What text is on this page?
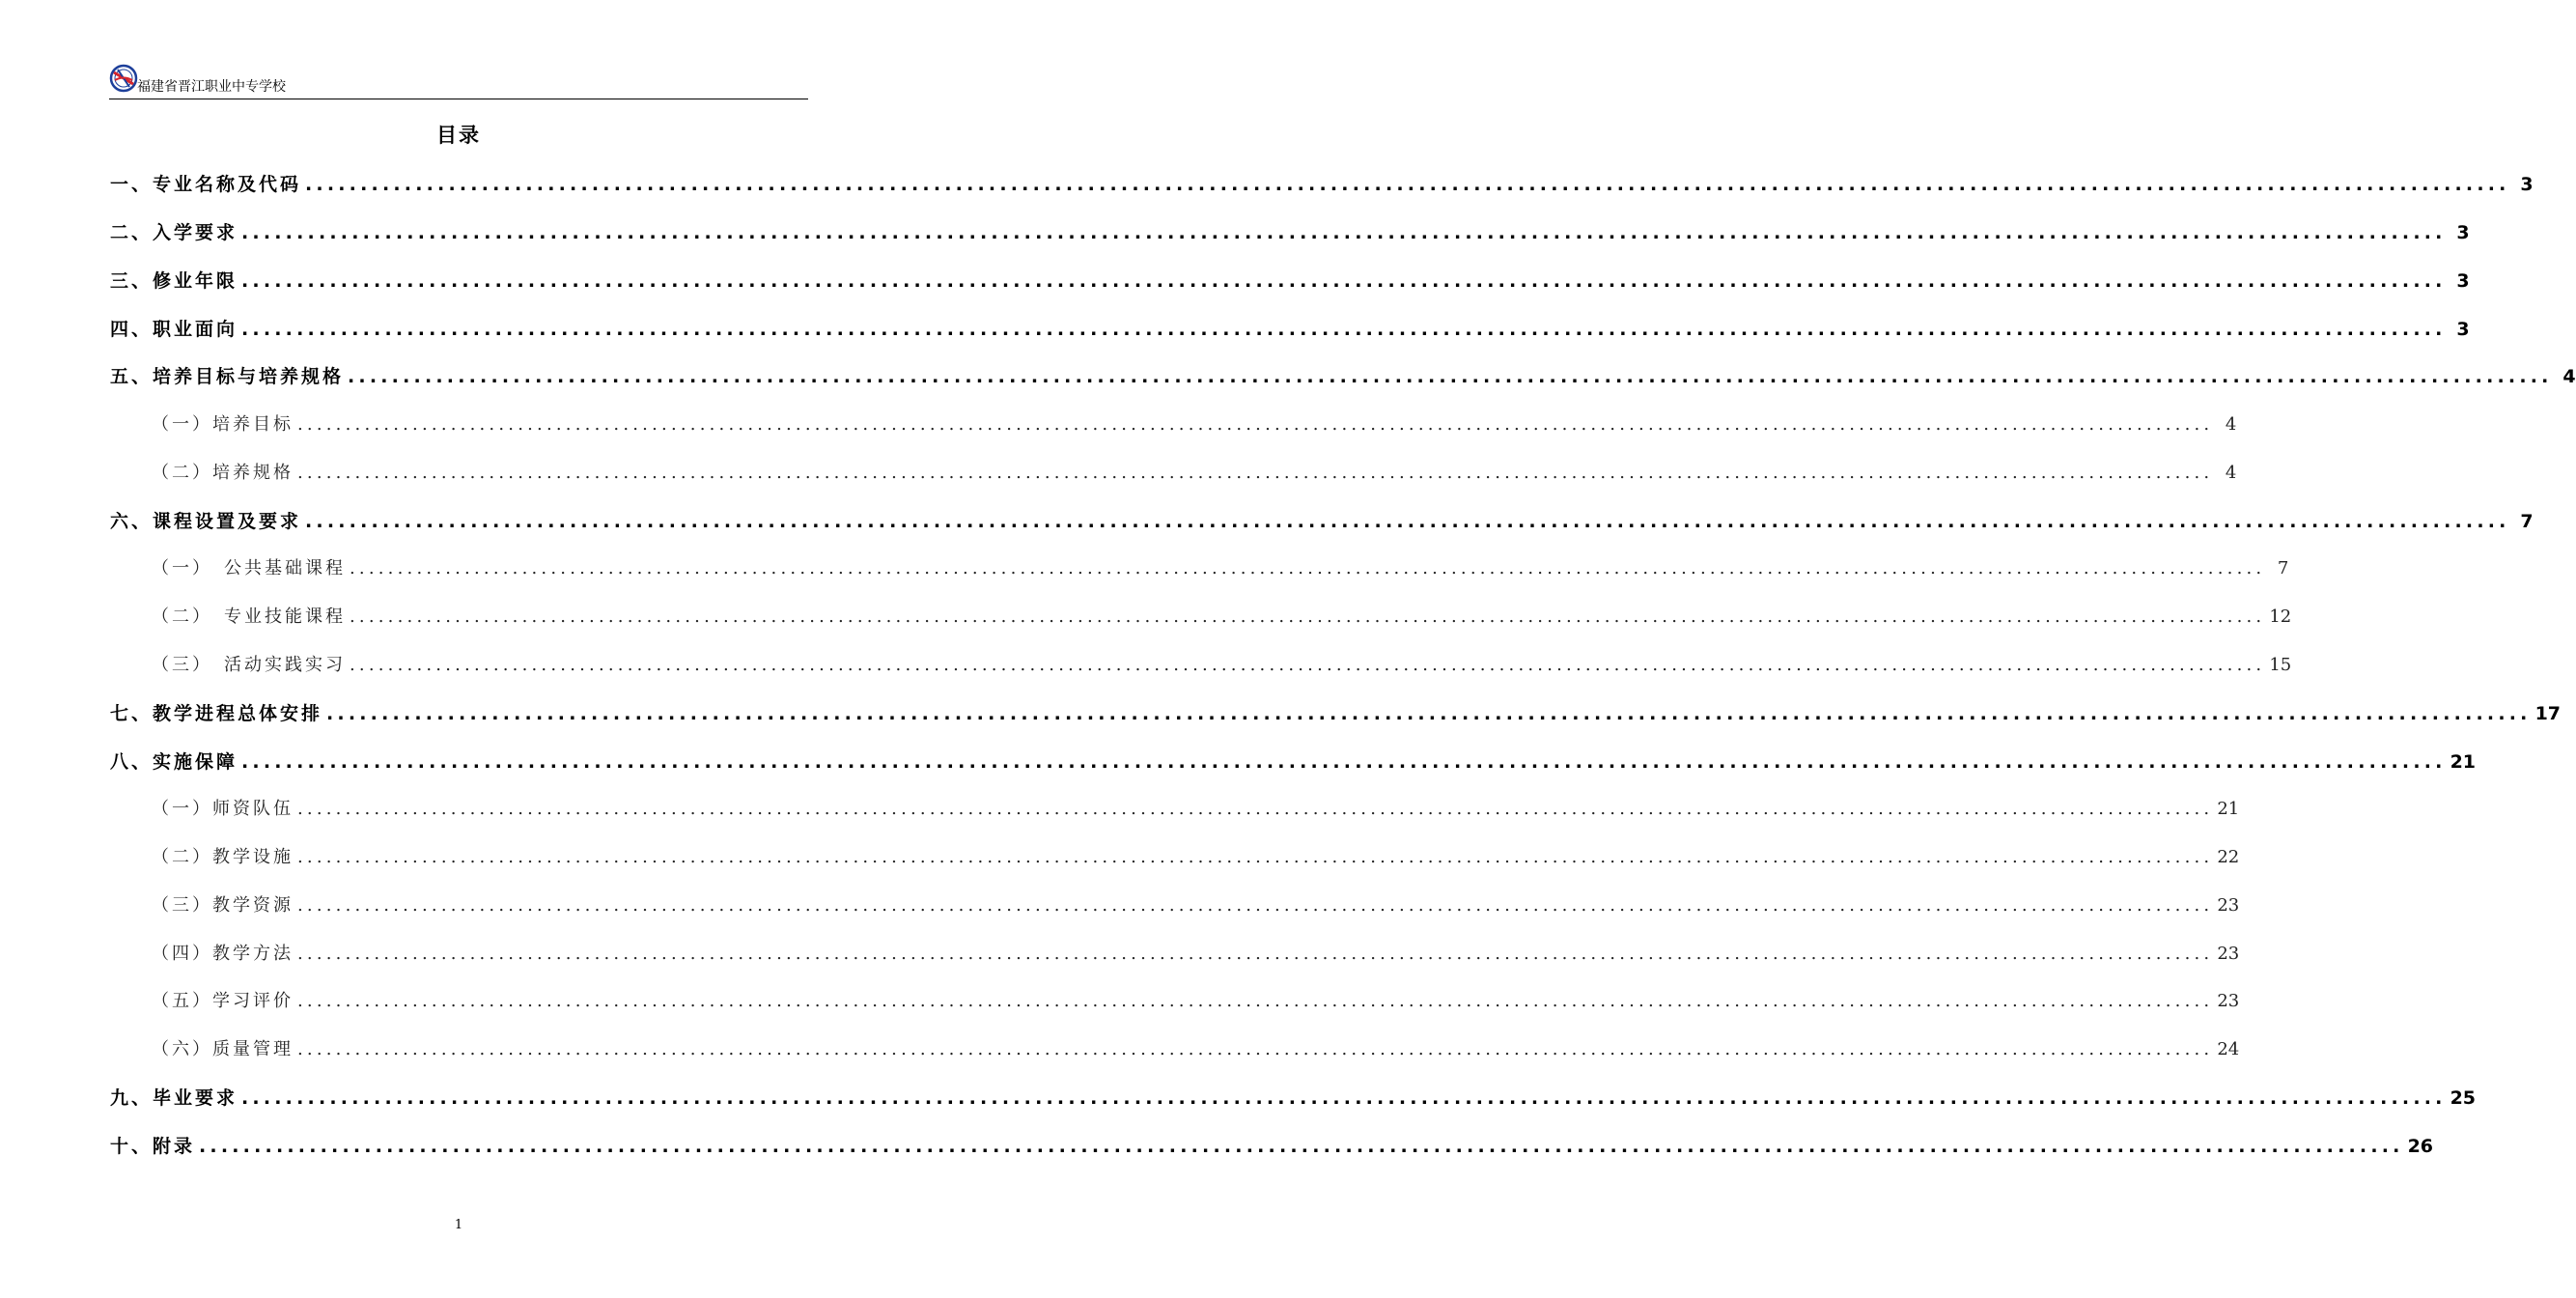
福建省晋江职业中专学校
目录
一、专业名称及代码 ........................................................................................................................................................................................................ 3
二、入学要求 ........................................................................................................................................................................................................ 3
三、修业年限 ........................................................................................................................................................................................................ 3
四、职业面向 ........................................................................................................................................................................................................ 3
五、培养目标与培养规格 ........................................................................................................................................................................................................ 4
（一）培养目标 ........................................................................................................................................................................................................ 4
（二）培养规格 ........................................................................................................................................................................................................ 4
六、课程设置及要求 ........................................................................................................................................................................................................ 7
（一）　公共基础课程 ........................................................................................................................................................................................................ 7
（二）　专业技能课程 ........................................................................................................................................................................................................ 12
（三）　活动实践实习 ........................................................................................................................................................................................................ 15
七、教学进程总体安排 ........................................................................................................................................................................................................ 17
八、实施保障 ........................................................................................................................................................................................................ 21
（一）师资队伍 ........................................................................................................................................................................................................ 21
（二）教学设施 ........................................................................................................................................................................................................ 22
（三）教学资源 ........................................................................................................................................................................................................ 23
（四）教学方法 ........................................................................................................................................................................................................ 23
（五）学习评价 ........................................................................................................................................................................................................ 23
（六）质量管理 ........................................................................................................................................................................................................ 24
九、毕业要求 ........................................................................................................................................................................................................ 25
十、附录 ........................................................................................................................................................................................................ 26
1
